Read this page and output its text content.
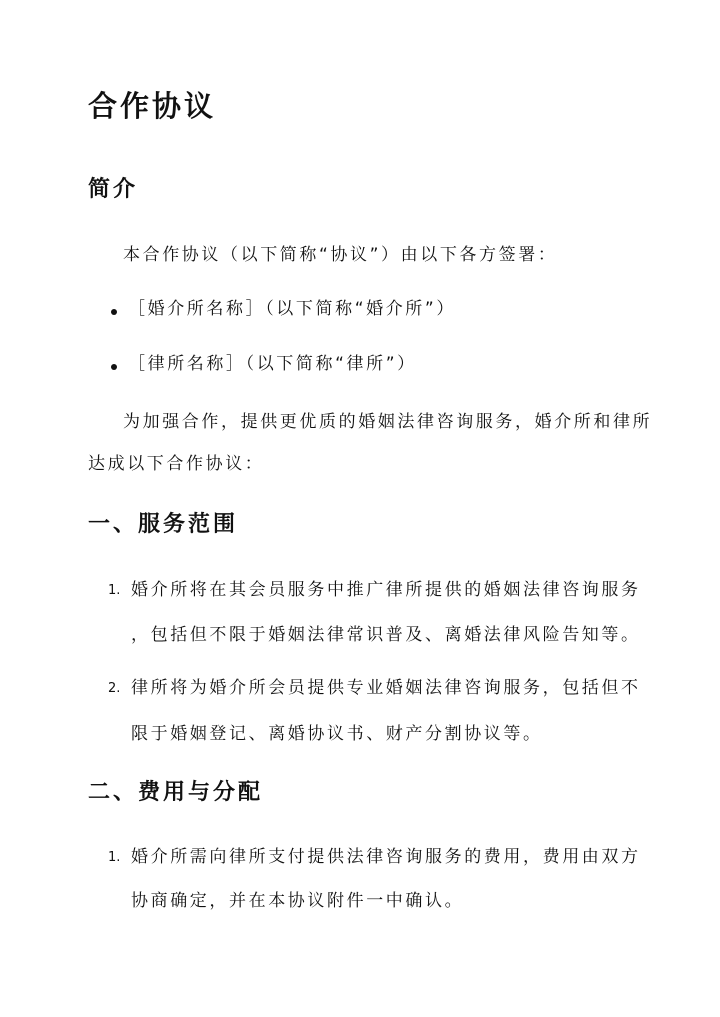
合作协议
简介

本合作协议（以下简称“协议”）由以下各方签署：

［婚介所名称］（以下简称“婚介所”）
［律所名称］（以下简称“律所”）

为加强合作，提供更优质的婚姻法律咨询服务，婚介所和律所

达成以下合作协议：

一、服务范围
1. 婚介所将在其会员服务中推广律所提供的婚姻法律咨询服务
，包括但不限于婚姻法律常识普及、离婚法律风险告知等。
2. 律所将为婚介所会员提供专业婚姻法律咨询服务，包括但不
限于婚姻登记、离婚协议书、财产分割协议等。
二、费用与分配
1. 婚介所需向律所支付提供法律咨询服务的费用，费用由双方
协商确定，并在本协议附件一中确认。
